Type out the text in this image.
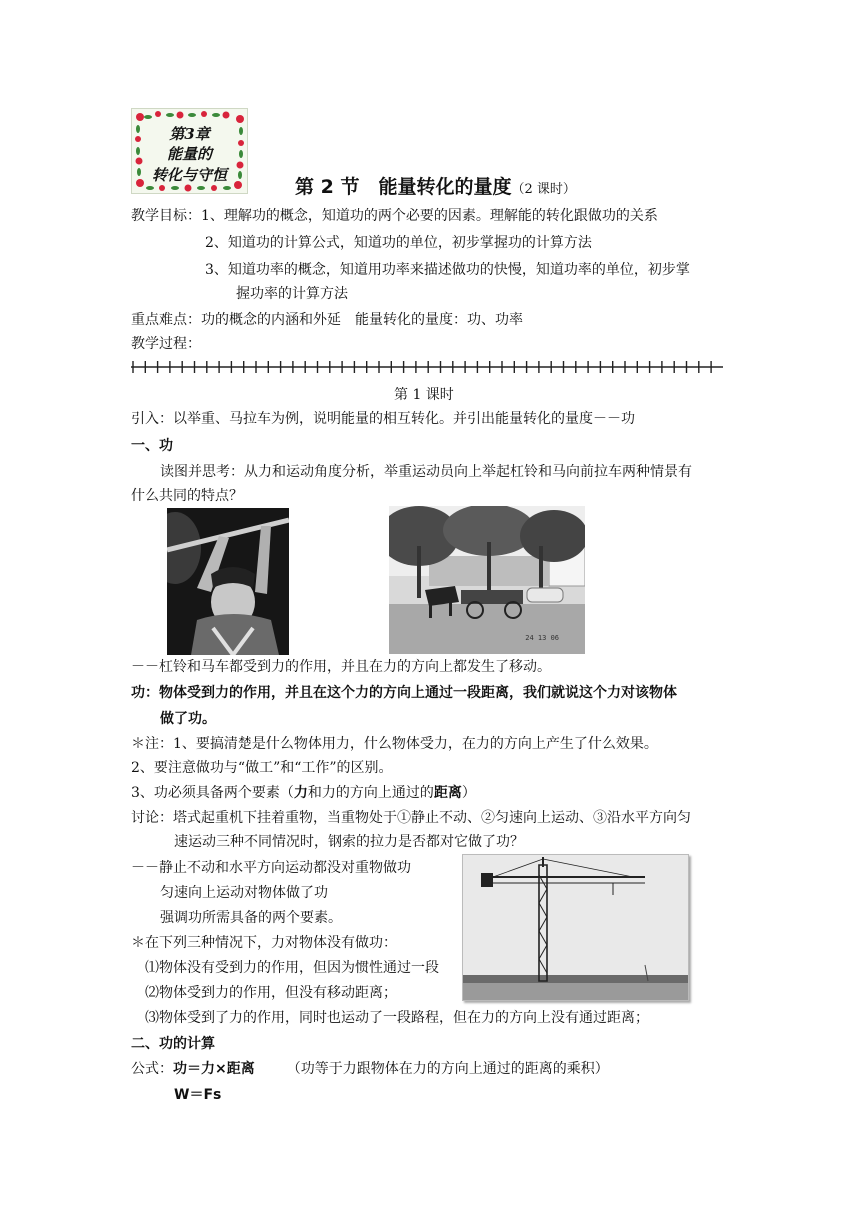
第3章
能量的
转化与守恒
第 2 节　能量转化的量度（2 课时）
教学目标：1、理解功的概念，知道功的两个必要的因素。理解能的转化跟做功的关系
2、知道功的计算公式，知道功的单位，初步掌握功的计算方法
3、知道功率的概念，知道用功率来描述做功的快慢，知道功率的单位，初步掌
握功率的计算方法
重点难点：功的概念的内涵和外延　能量转化的量度：功、功率
教学过程：
第 1 课时
引入：以举重、马拉车为例，说明能量的相互转化。并引出能量转化的量度－－功
一、功
读图并思考：从力和运动角度分析，举重运动员向上举起杠铃和马向前拉车两种情景有
什么共同的特点？
24 13 06
－－杠铃和马车都受到力的作用，并且在力的方向上都发生了移动。
功：物体受到力的作用，并且在这个力的方向上通过一段距离，我们就说这个力对该物体
做了功。
＊注：1、要搞清楚是什么物体用力，什么物体受力，在力的方向上产生了什么效果。
2、要注意做功与“做工”和“工作”的区别。
3、功必须具备两个要素（力和力的方向上通过的距离）
讨论：塔式起重机下挂着重物，当重物处于①静止不动、②匀速向上运动、③沿水平方向匀
速运动三种不同情况时，钢索的拉力是否都对它做了功？
－－静止不动和水平方向运动都没对重物做功
匀速向上运动对物体做了功
强调功所需具备的两个要素。
＊在下列三种情况下，力对物体没有做功：
⑴物体没有受到力的作用，但因为惯性通过一段
⑵物体受到力的作用，但没有移动距离；
⑶物体受到了力的作用，同时也运动了一段路程，但在力的方向上没有通过距离；
二、功的计算
公式：功＝力×距离 （功等于力跟物体在力的方向上通过的距离的乘积）
W＝Fs
